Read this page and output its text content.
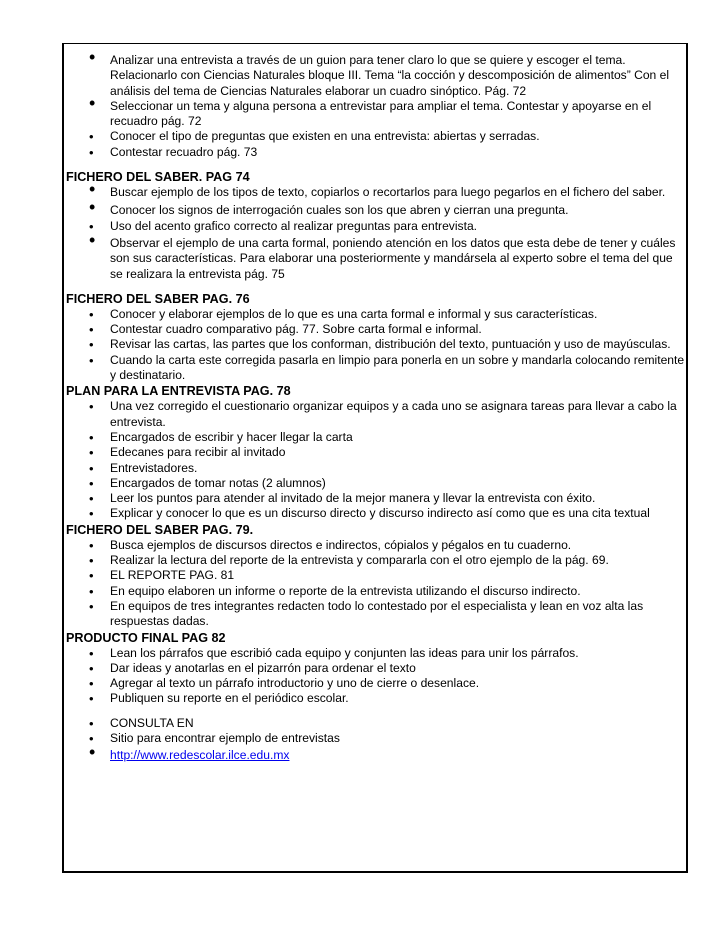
• Analizar una entrevista a través de un guion para tener claro lo que se quiere y escoger el tema. Relacionarlo con Ciencias Naturales bloque III. Tema “la cocción y descomposición de alimentos” Con el análisis del tema de Ciencias Naturales elaborar un cuadro sinóptico. Pág. 72
• Seleccionar un tema y alguna persona a entrevistar para ampliar el tema. Contestar y apoyarse en el recuadro pág. 72
• Conocer el tipo de preguntas que existen en una entrevista: abiertas y serradas.
• Contestar recuadro pág. 73

FICHERO DEL SABER. PAG 74

• Buscar ejemplo de los tipos de texto, copiarlos o recortarlos para luego pegarlos en el fichero del saber.
• Conocer los signos de interrogación cuales son los que abren y cierran una pregunta.
• Uso del acento grafico correcto al realizar preguntas para entrevista.
• Observar el ejemplo de una carta formal, poniendo atención en los datos que esta debe de tener y cuáles son sus características. Para elaborar una posteriormente y mandársela al experto sobre el tema del que se realizara la entrevista pág. 75

FICHERO DEL SABER PAG. 76

• Conocer y elaborar ejemplos de lo que es una carta formal e informal y sus características.
• Contestar cuadro comparativo pág. 77. Sobre carta formal e informal.
• Revisar las cartas, las partes que los conforman, distribución del texto, puntuación y uso de mayúsculas.
• Cuando la carta este corregida pasarla en limpio para ponerla en un sobre y mandarla colocando remitente y destinatario.

PLAN PARA LA ENTREVISTA PAG. 78

• Una vez corregido el cuestionario organizar equipos y a cada uno se asignara tareas para llevar a cabo la entrevista.
• Encargados de escribir y hacer llegar la carta
• Edecanes para recibir al invitado
• Entrevistadores.
• Encargados de tomar notas (2 alumnos)
• Leer los puntos para atender al invitado de la mejor manera y llevar la entrevista con éxito.
• Explicar y conocer lo que es un discurso directo y discurso indirecto así como que es una cita textual

FICHERO DEL SABER PAG. 79.

• Busca ejemplos de discursos directos e indirectos, cópialos y pégalos en tu cuaderno.
• Realizar la lectura del reporte de la entrevista y compararla con el otro ejemplo de la pág. 69.
• EL REPORTE PAG. 81
• En equipo elaboren un informe o reporte de la entrevista utilizando el discurso indirecto.
• En equipos de tres integrantes redacten todo lo contestado por el especialista y lean en voz alta las respuestas dadas.

PRODUCTO FINAL PAG 82

• Lean los párrafos que escribió cada equipo y conjunten las ideas para unir los párrafos.
• Dar ideas y anotarlas en el pizarrón para ordenar el texto
• Agregar al texto un párrafo introductorio y uno de cierre o desenlace.
• Publiquen su reporte en el periódico escolar.
• CONSULTA EN
• Sitio para encontrar ejemplo de entrevistas
• http://www.redescolar.ilce.edu.mx
